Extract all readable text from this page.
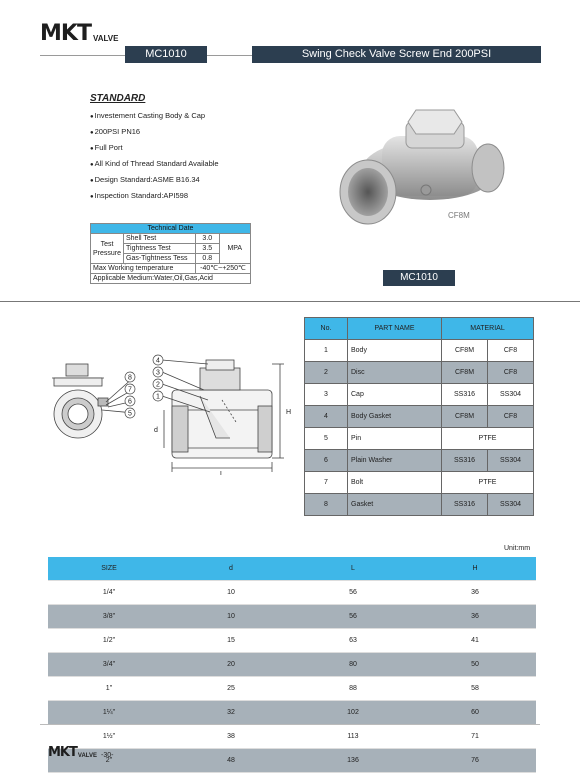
MKT VALVE
MC1010	Swing Check Valve Screw End 200PSI
STANDARD
● Investement Casting Body & Cap
● 200PSI PN16
● Full Port
● All Kind of Thread Standard Available
● Design Standard:ASME B16.34
● Inspection Standard:API598
Technical Date			
Test Pressure	Shell Test	3.0	MPA
	Tightness Test	3.5	
	Gas-Tightness Tess	0.8	
Max Working temperature		-40℃~+250℃	
Applicable Medium:Water,Oil,Gas,Acid			
CF8M
MC1010
H
L
d
4
3
2
1
8
7
6
5
No.	PART NAME	MATERIAL	
1	Body	CF8M	CF8
2	Disc	CF8M	CF8
3	Cap	SS316	SS304
4	Body Gasket	CF8M	CF8
5	Pin	PTFE	
6	Plain Washer	SS316	SS304
7	Bolt	PTFE	
8	Gasket	SS316	SS304
Unit:mm
SIZE	d	L	H
1/4"	10	56	36
3/8"	10	56	36
1/2"	15	63	41
3/4"	20	80	50
1"	25	88	58
1¼"	32	102	60
1½"	38	113	71
2"	48	136	76
MKT VALVE -30-
